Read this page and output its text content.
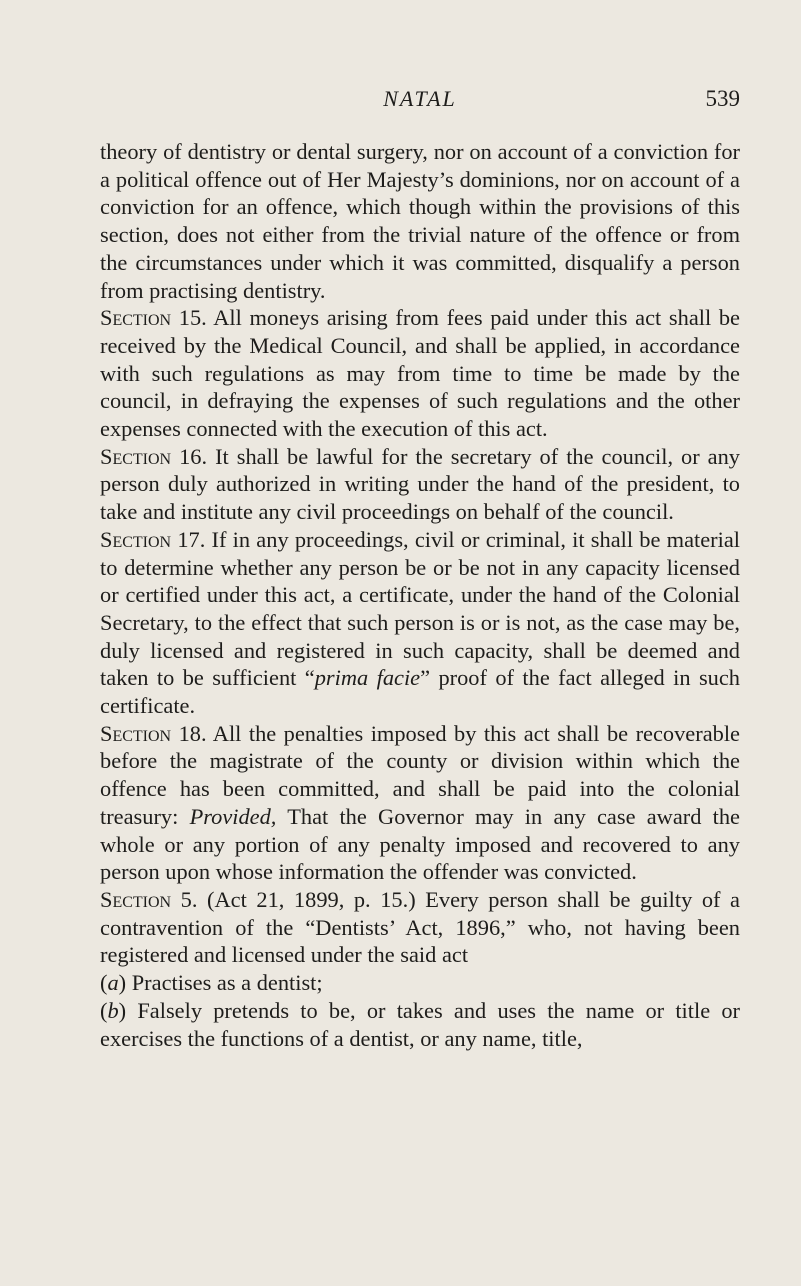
NATAL	539

theory of dentistry or dental surgery, nor on account of a conviction for a political offence out of Her Majesty’s dominions, nor on account of a conviction for an offence, which though within the provisions of this section, does not either from the trivial nature of the offence or from the circumstances under which it was committed, disqualify a person from practising dentistry.

Section 15. All moneys arising from fees paid under this act shall be received by the Medical Council, and shall be applied, in accordance with such regulations as may from time to time be made by the council, in defraying the expenses of such regulations and the other expenses connected with the execution of this act.

Section 16. It shall be lawful for the secretary of the council, or any person duly authorized in writing under the hand of the president, to take and institute any civil proceedings on behalf of the council.

Section 17. If in any proceedings, civil or criminal, it shall be material to determine whether any person be or be not in any capacity licensed or certified under this act, a certificate, under the hand of the Colonial Secretary, to the effect that such person is or is not, as the case may be, duly licensed and registered in such capacity, shall be deemed and taken to be sufficient “prima facie” proof of the fact alleged in such certificate.

Section 18. All the penalties imposed by this act shall be recoverable before the magistrate of the county or division within which the offence has been committed, and shall be paid into the colonial treasury: Provided, That the Governor may in any case award the whole or any portion of any penalty imposed and recovered to any person upon whose information the offender was convicted.

Section 5. (Act 21, 1899, p. 15.) Every person shall be guilty of a contravention of the “Dentists’ Act, 1896,” who, not having been registered and licensed under the said act

(a) Practises as a dentist;

(b) Falsely pretends to be, or takes and uses the name or title or exercises the functions of a dentist, or any name, title,
